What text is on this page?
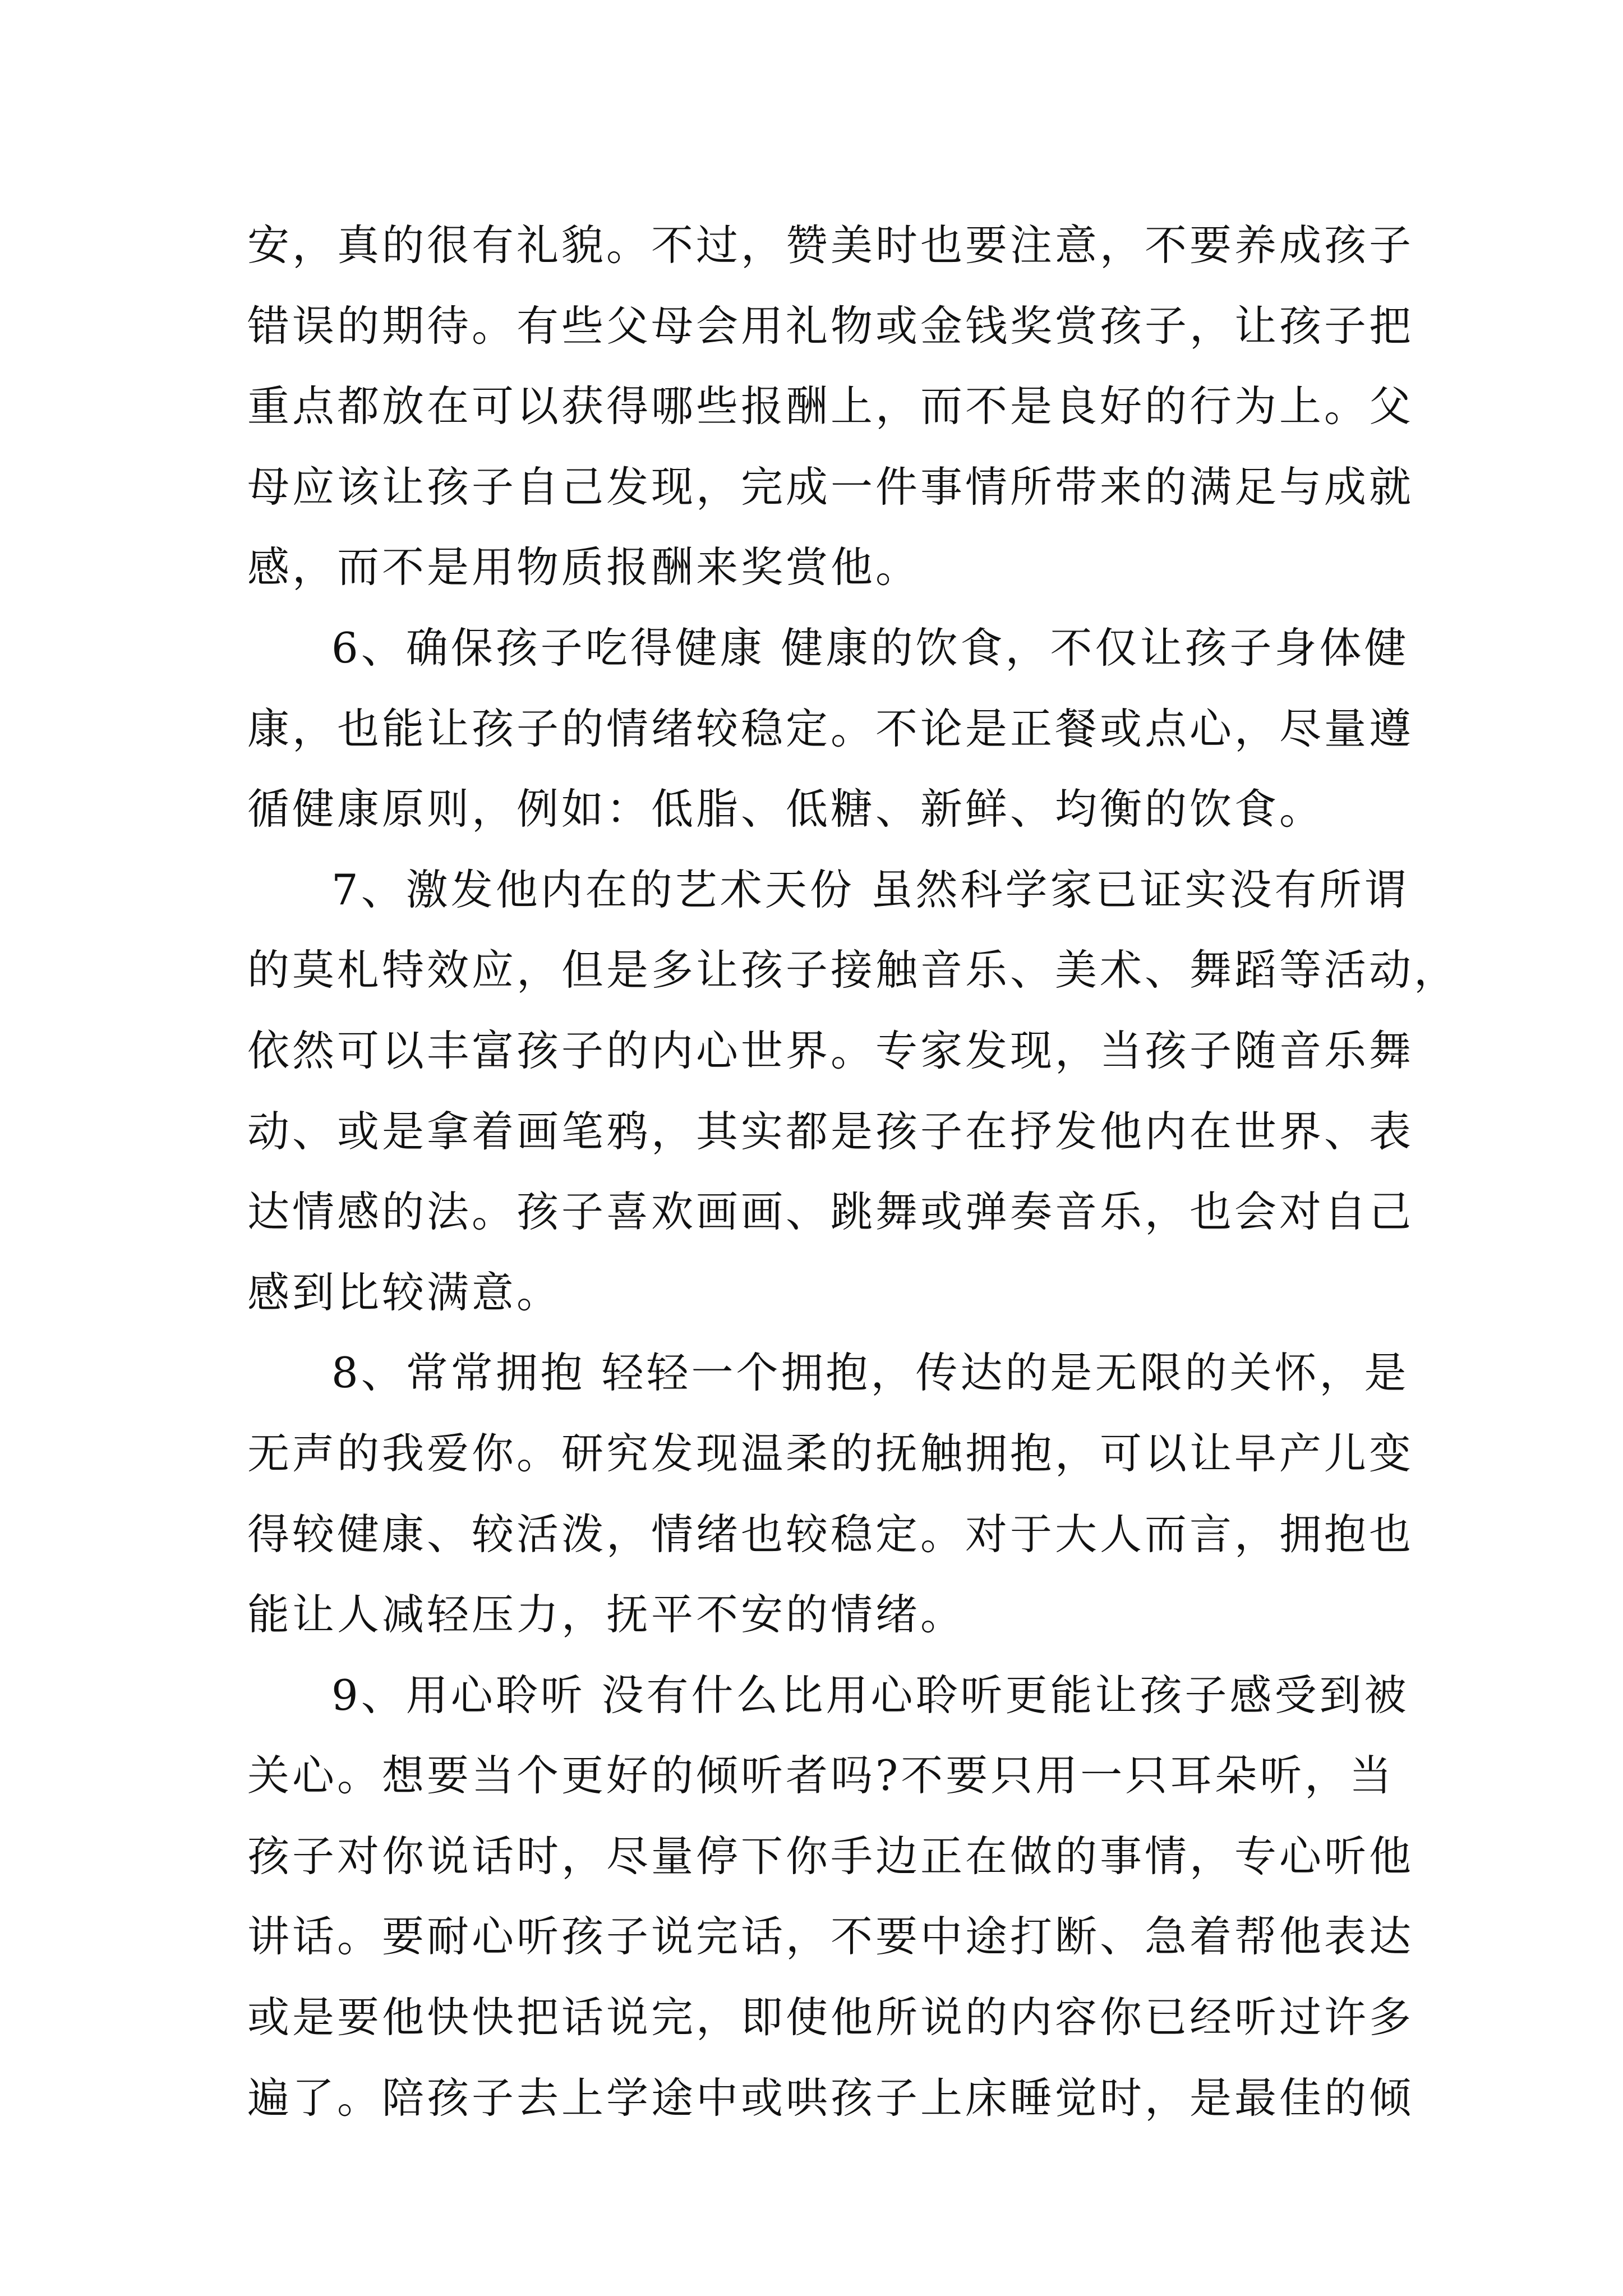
安，真的很有礼貌。不过，赞美时也要注意，不要养成孩子
错误的期待。有些父母会用礼物或金钱奖赏孩子，让孩子把
重点都放在可以获得哪些报酬上，而不是良好的行为上。父
母应该让孩子自己发现，完成一件事情所带来的满足与成就
感，而不是用物质报酬来奖赏他。
6、确保孩子吃得健康 健康的饮食，不仅让孩子身体健
康，也能让孩子的情绪较稳定。不论是正餐或点心，尽量遵
循健康原则，例如：低脂、低糖、新鲜、均衡的饮食。
7、激发他内在的艺术天份 虽然科学家已证实没有所谓
的莫札特效应，但是多让孩子接触音乐、美术、舞蹈等活动，
依然可以丰富孩子的内心世界。专家发现，当孩子随音乐舞
动、或是拿着画笔鸦，其实都是孩子在抒发他内在世界、表
达情感的法。孩子喜欢画画、跳舞或弹奏音乐，也会对自己
感到比较满意。
8、常常拥抱 轻轻一个拥抱，传达的是无限的关怀，是
无声的我爱你。研究发现温柔的抚触拥抱，可以让早产儿变
得较健康、较活泼，情绪也较稳定。对于大人而言，拥抱也
能让人减轻压力，抚平不安的情绪。
9、用心聆听 没有什么比用心聆听更能让孩子感受到被
关心。想要当个更好的倾听者吗?不要只用一只耳朵听，当
孩子对你说话时，尽量停下你手边正在做的事情，专心听他
讲话。要耐心听孩子说完话，不要中途打断、急着帮他表达
或是要他快快把话说完，即使他所说的内容你已经听过许多
遍了。陪孩子去上学途中或哄孩子上床睡觉时，是最佳的倾
